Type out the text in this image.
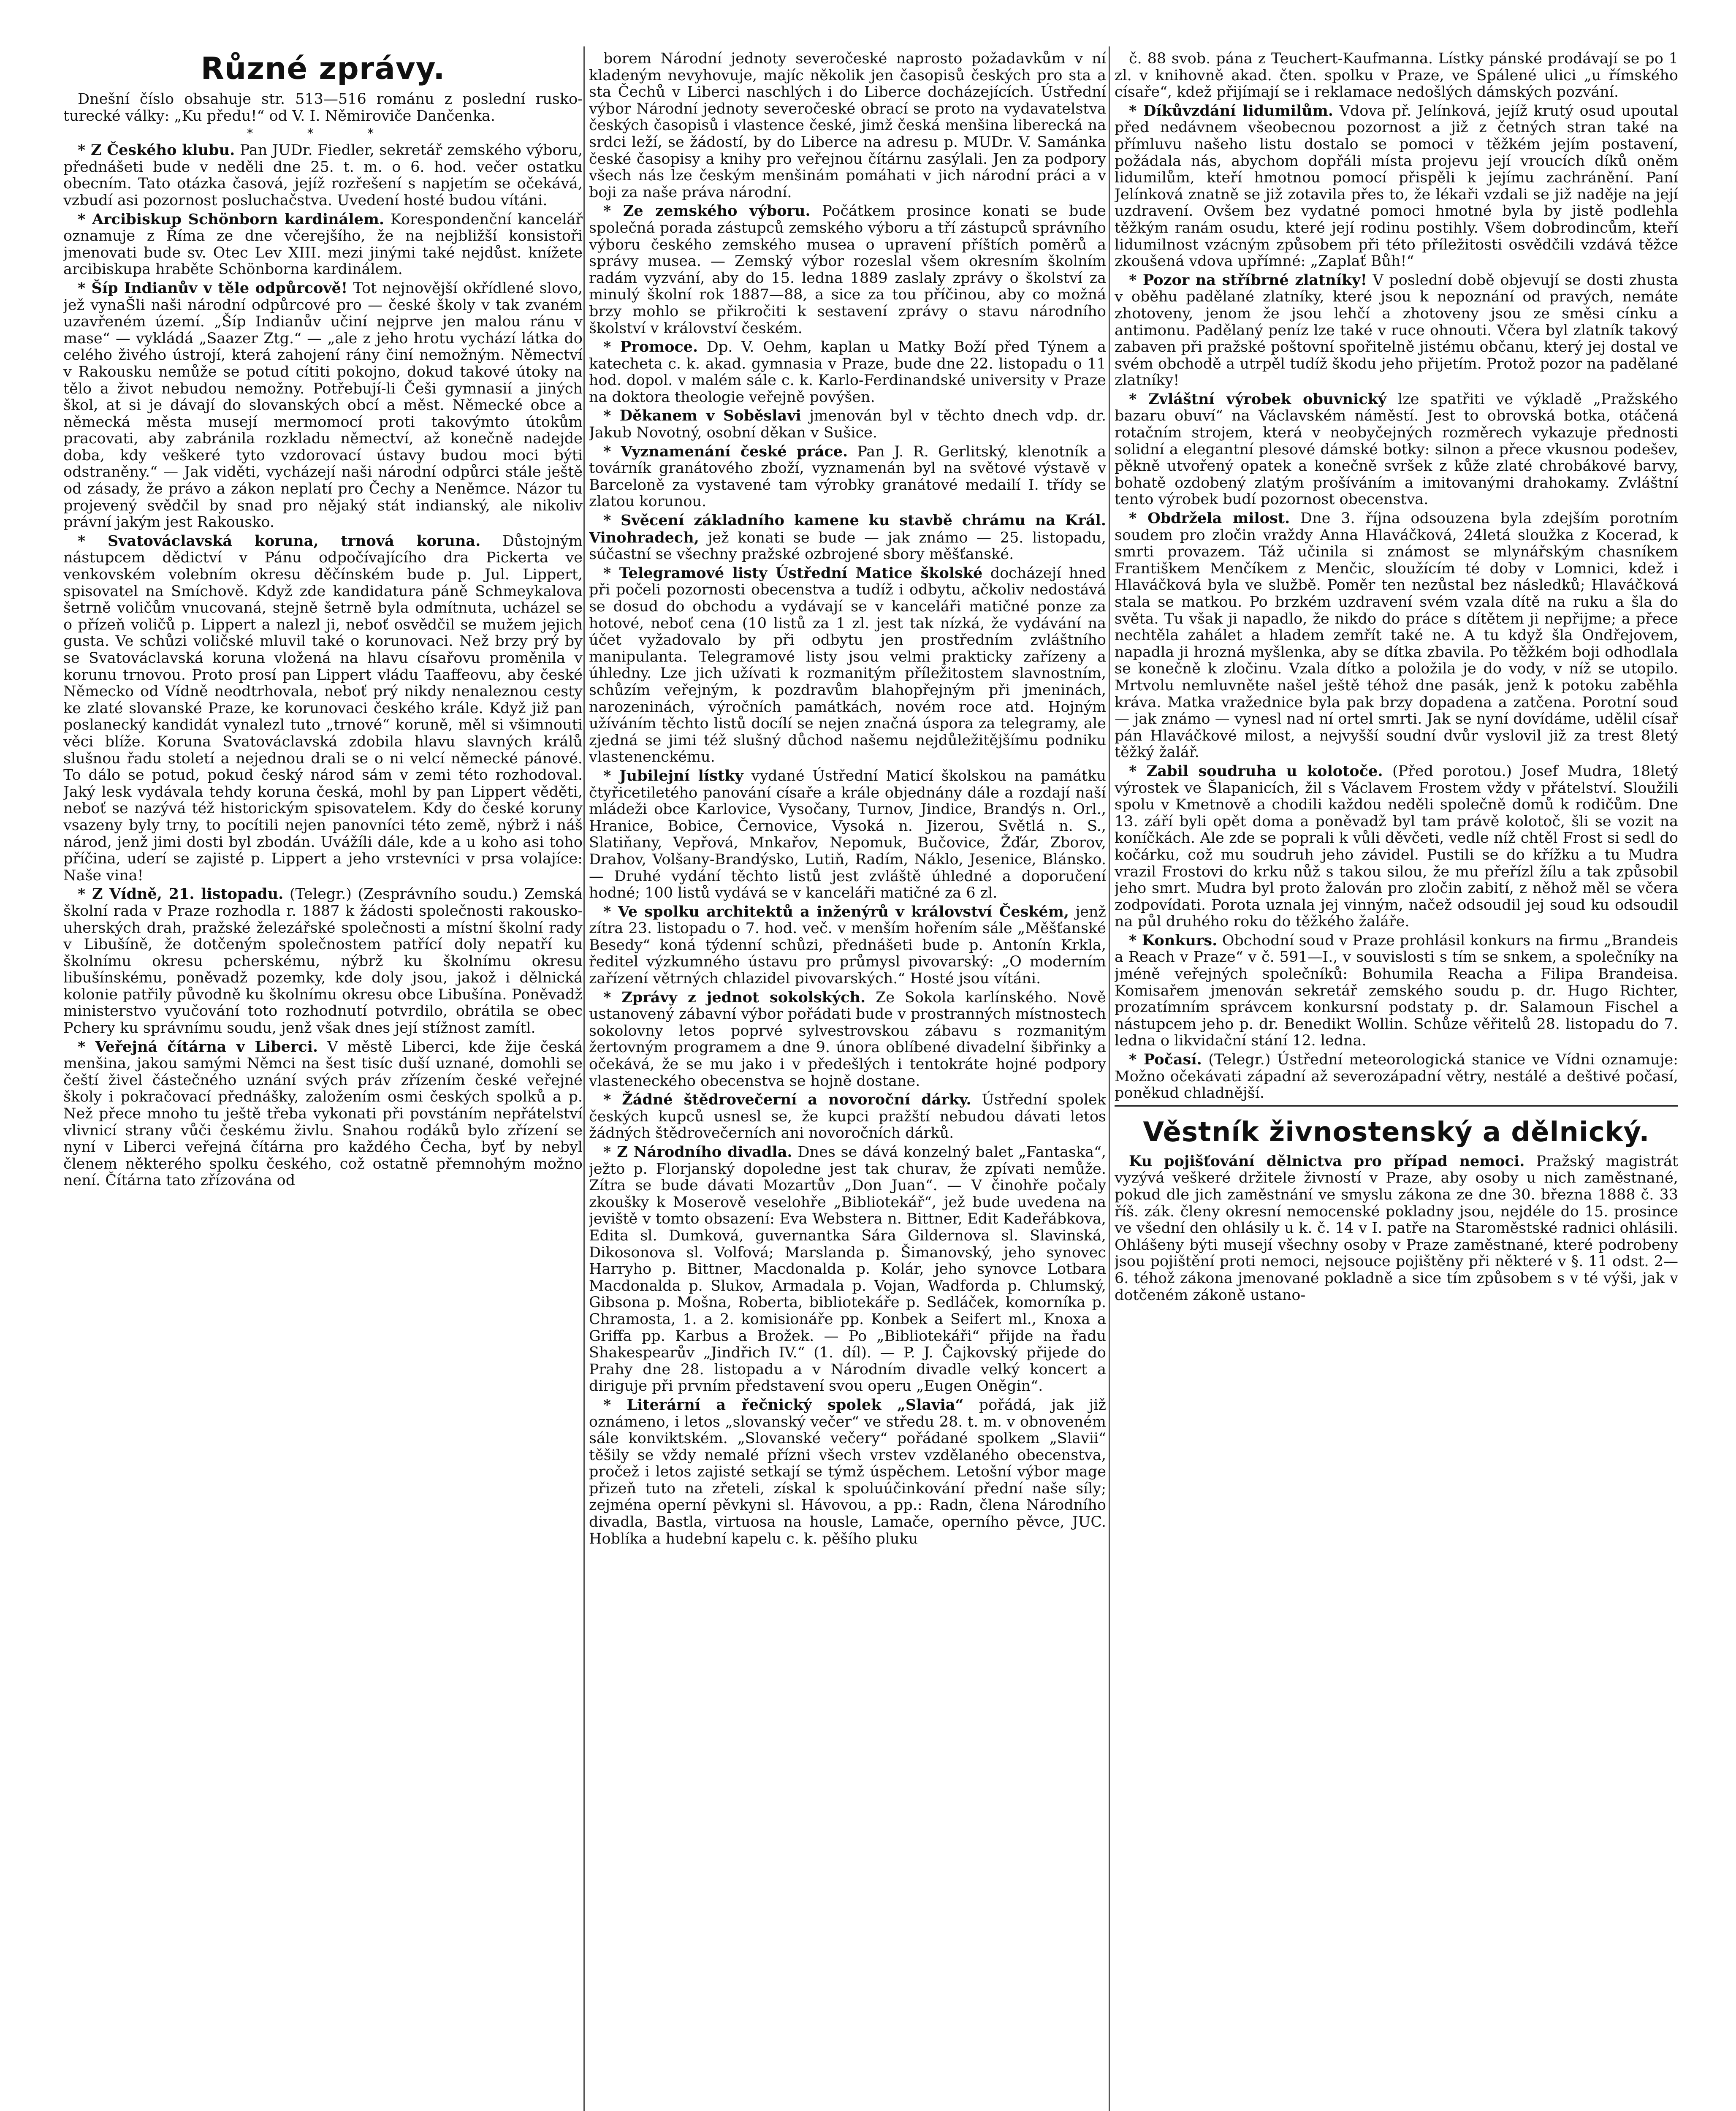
Různé zprávy.

Dnešní číslo obsahuje str. 513—516 románu z poslední rusko-turecké války: „Ku předu!“ od V. I. Němiroviče Dančenka.

* * *

* Z Českého klubu. Pan JUDr. Fiedler, sekretář zemského výboru, přednášeti bude v neděli dne 25. t. m. o 6. hod. večer ostatku obecním. Tato otázka časová, jejíž rozřešení s napjetím se očekává, vzbudí asi pozornost posluchačstva. Uvedení hosté budou vítáni.

* Arcibiskup Schönborn kardinálem. Korespondenční kancelář oznamuje z Říma ze dne včerejšího, že na nejbližší konsistoři jmenovati bude sv. Otec Lev XIII. mezi jinými také nejdůst. knížete arcibiskupa hraběte Schönborna kardinálem.

* Šíp Indianův v těle odpůrcově! Tot nejnovější okřídlené slovo, jež vynaŠli naši národní odpůrcové pro — české školy v tak zvaném uzavřeném území. „Šíp Indianův učiní nejprve jen malou ránu v mase“ — vykládá „Saazer Ztg.“ — „ale z jeho hrotu vychází látka do celého živého ústrojí, která zahojení rány činí nemožným. Němectví v Rakousku nemůže se potud cítiti pokojno, dokud takové útoky na tělo a život nebudou nemožny. Potřebují-li Češi gymnasií a jiných škol, at si je dávají do slovanských obcí a měst. Německé obce a německá města musejí mermomocí proti takovýmto útokům pracovati, aby zabránila rozkladu němectví, až konečně nadejde doba, kdy veškeré tyto vzdorovací ústavy budou moci býti odstraněny.“ — Jak viděti, vycházejí naši národní odpůrci stále ještě od zásady, že právo a zákon neplatí pro Čechy a Neněmce. Názor tu projevený svědčil by snad pro nějaký stát indianský, ale nikoliv právní jakým jest Rakousko.

* Svatováclavská koruna, trnová koruna. Důstojným nástupcem dědictví v Pánu odpočívajícího dra Pickerta ve venkovském volebním okresu děčínském bude p. Jul. Lippert, spisovatel na Smíchově. Když zde kandidatura páně Schmeykalova šetrně voličům vnucovaná, stejně šetrně byla odmítnuta, ucházel se o přízeň voličů p. Lippert a nalezl ji, neboť osvědčil se mužem jejich gusta. Ve schůzi voličské mluvil také o korunovaci. Než brzy prý by se Svatováclavská koruna vložená na hlavu císařovu proměnila v korunu trnovou. Proto prosí pan Lippert vládu Taaffeovu, aby české Německo od Vídně neodtrhovala, neboť prý nikdy nenaleznou cesty ke zlaté slovanské Praze, ke korunovaci českého krále. Když již pan poslanecký kandidát vynalezl tuto „trnové“ koruně, měl si všimnouti věci blíže. Koruna Svatováclavská zdobila hlavu slavných králů slušnou řadu století a nejednou drali se o ni velcí německé pánové. To dálo se potud, pokud český národ sám v zemi této rozhodoval. Jaký lesk vydávala tehdy koruna česká, mohl by pan Lippert věděti, neboť se nazývá též historickým spisovatelem. Kdy do české koruny vsazeny byly trny, to pocítili nejen panovníci této země, nýbrž i náš národ, jenž jimi dosti byl zbodán. Uvážíli dále, kde a u koho asi toho příčina, uderí se zajisté p. Lippert a jeho vrstevníci v prsa volajíce: Naše vina!

* Z Vídně, 21. listopadu. (Telegr.) (Zesprávního soudu.) Zemská školní rada v Praze rozhodla r. 1887 k žádosti společnosti rakousko-uherských drah, pražské železářské společnosti a místní školní rady v Libušíně, že dotčeným společnostem patřící doly nepatří ku školnímu okresu pcherskému, nýbrž ku školnímu okresu libušínskému, poněvadž pozemky, kde doly jsou, jakož i dělnická kolonie patřily původně ku školnímu okresu obce Libušína. Poněvadž ministerstvo vyučování toto rozhodnutí potvrdilo, obrátila se obec Pchery ku správnímu soudu, jenž však dnes její stížnost zamítl.

* Veřejná čítárna v Liberci. V městě Liberci, kde žije česká menšina, jakou samými Němci na šest tisíc duší uznané, domohli se čeští živel částečného uznání svých práv zřízením české veřejné školy i pokračovací přednášky, založením osmi českých spolků a p. Než přece mnoho tu ještě třeba vykonati při povstáním nepřátelství vlivnicí strany vůči českému živlu. Snahou rodáků bylo zřízení se nyní v Liberci veřejná čítárna pro každého Čecha, byť by nebyl členem některého spolku českého, což ostatně přemnohým možno není. Čítárna tato zřízována od

borem Národní jednoty severočeské naprosto požadavkům v ní kladeným nevyhovuje, majíc několik jen časopisů českých pro sta a sta Čechů v Liberci naschlých i do Liberce docházejících. Ústřední výbor Národní jednoty severočeské obrací se proto na vydavatelstva českých časopisů i vlastence české, jimž česká menšina liberecká na srdci leží, se žádostí, by do Liberce na adresu p. MUDr. V. Samánka české časopisy a knihy pro veřejnou čítárnu zasýlali. Jen za podpory všech nás lze českým menšinám pomáhati v jich národní práci a v boji za naše práva národní.

* Ze zemského výboru. Počátkem prosince konati se bude společná porada zástupců zemského výboru a tří zástupců správního výboru českého zemského musea o upravení příštích poměrů a správy musea. — Zemský výbor rozeslal všem okresním školním radám vyzvání, aby do 15. ledna 1889 zaslaly zprávy o školství za minulý školní rok 1887—88, a sice za tou příčinou, aby co možná brzy mohlo se přikročiti k sestavení zprávy o stavu národního školství v království českém.

* Promoce. Dp. V. Oehm, kaplan u Matky Boží před Týnem a katecheta c. k. akad. gymnasia v Praze, bude dne 22. listopadu o 11 hod. dopol. v malém sále c. k. Karlo-Ferdinandské university v Praze na doktora theologie veřejně povýšen.

* Děkanem v Soběslavi jmenován byl v těchto dnech vdp. dr. Jakub Novotný, osobní děkan v Sušice.

* Vyznamenání české práce. Pan J. R. Gerlitský, klenotník a továrník granátového zboží, vyznamenán byl na světové výstavě v Barceloně za vystavené tam výrobky granátové medailí I. třídy se zlatou korunou.

* Svěcení základního kamene ku stavbě chrámu na Král. Vinohradech, jež konati se bude — jak známo — 25. listopadu, súčastní se všechny pražské ozbrojené sbory měšťanské.

* Telegramové listy Ústřední Matice školské docházejí hned při počeli pozornosti obecenstva a tudíž i odbytu, ačkoliv nedostává se dosud do obchodu a vydávají se v kanceláři matičné ponze za hotové, neboť cena (10 listů za 1 zl. jest tak nízká, že vydávání na účet vyžadovalo by při odbytu jen prostředním zvláštního manipulanta. Telegramové listy jsou velmi prakticky zařízeny a úhledny. Lze jich užívati k rozmanitým příležitostem slavnostním, schůzím veřejným, k pozdravům blahopřejným při jmeninách, narozeninách, výročních památkách, novém roce atd. Hojným užíváním těchto listů docílí se nejen značná úspora za telegramy, ale zjedná se jimi též slušný důchod našemu nejdůležitějšímu podniku vlastenenckému.

* Jubilejní lístky vydané Ústřední Maticí školskou na památku čtyřicetiletého panování císaře a krále objednány dále a rozdají naší mládeži obce Karlovice, Vysočany, Turnov, Jindice, Brandýs n. Orl., Hranice, Bobice, Černovice, Vysoká n. Jizerou, Světlá n. S., Slatiňany, Vepřová, Mnkařov, Nepomuk, Bučovice, Žďár, Zborov, Drahov, Volšany-Brandýsko, Lutiň, Radím, Náklo, Jesenice, Blánsko. — Druhé vydání těchto listů jest zvláště úhledné a doporučení hodné; 100 listů vydává se v kanceláři matičné za 6 zl.

* Ve spolku architektů a inženýrů v království Českém, jenž zítra 23. listopadu o 7. hod. več. v menším hořením sále „Měšťanské Besedy“ koná týdenní schůzi, přednášeti bude p. Antonín Krkla, ředitel výzkumného ústavu pro průmysl pivovarský: „O moderním zařízení větrných chlazidel pivovarských.“ Hosté jsou vítáni.

* Zprávy z jednot sokolských. Ze Sokola karlínského. Nově ustanovený zábavní výbor pořádati bude v prostranných místnostech sokolovny letos poprvé sylvestrovskou zábavu s rozmanitým žertovným programem a dne 9. února oblíbené divadelní šibřinky a očekává, že se mu jako i v předešlých i tentokráte hojné podpory vlasteneckého obecenstva se hojně dostane.

* Žádné štědrovečerní a novoroční dárky. Ústřední spolek českých kupců usnesl se, že kupci pražští nebudou dávati letos žádných štědrovečerních ani novoročních dárků.

* Z Národního divadla. Dnes se dává konzelný balet „Fantaska“, ježto p. Florjanský dopoledne jest tak churav, že zpívati nemůže. Zítra se bude dávati Mozartův „Don Juan“. — V činohře počaly zkoušky k Moserově veselohře „Bibliotekář“, jež bude uvedena na jeviště v tomto obsazení: Eva Webstera n. Bittner, Edit Kadeřábkova, Edita sl. Dumková, guvernantka Sára Gildernova sl. Slavinská, Dikosonova sl. Volfová; Marslanda p. Šimanovský, jeho synovec Harryho p. Bittner, Macdonalda p. Kolár, jeho synovce Lotbara Macdonalda p. Slukov, Armadala p. Vojan, Wadforda p. Chlumský, Gibsona p. Mošna, Roberta, bibliotekáře p. Sedláček, komorníka p. Chramosta, 1. a 2. komisionáře pp. Konbek a Seifert ml., Knoxa a Griffa pp. Karbus a Brožek. — Po „Bibliotekáři“ přijde na řadu Shakespearův „Jindřich IV.“ (1. díl). — P. J. Čajkovský přijede do Prahy dne 28. listopadu a v Národním divadle velký koncert a diriguje při prvním představení svou operu „Eugen Oněgin“.

* Literární a řečnický spolek „Slavia“ pořádá, jak již oznámeno, i letos „slovanský večer“ ve středu 28. t. m. v obnoveném sále konviktském. „Slovanské večery“ pořádané spolkem „Slavii“ těšily se vždy nemalé přízni všech vrstev vzdělaného obecenstva, pročež i letos zajisté setkají se týmž úspěchem. Letošní výbor mage přizeň tuto na zřeteli, získal k spoluúčinkování přední naše síly; zejména operní pěvkyni sl. Hávovou, a pp.: Radn, člena Národního divadla, Bastla, virtuosa na housle, Lamače, operního pěvce, JUC. Hoblíka a hudební kapelu c. k. pěšího pluku

č. 88 svob. pána z Teuchert-Kaufmanna. Lístky pánské prodávají se po 1 zl. v knihovně akad. čten. spolku v Praze, ve Spálené ulici „u římského císaře“, kdež přijímají se i reklamace nedošlých dámských pozvání.

* Díkůvzdání lidumilům. Vdova př. Jelínková, jejíž krutý osud upoutal před nedávnem všeobecnou pozornost a již z četných stran také na přímluvu našeho listu dostalo se pomoci v těžkém jejím postavení, požádala nás, abychom dopřáli místa projevu její vroucích díků oněm lidumilům, kteří hmotnou pomocí přispěli k jejímu zachránění. Paní Jelínková znatně se již zotavila přes to, že lékaři vzdali se již naděje na její uzdravení. Ovšem bez vydatné pomoci hmotné byla by jistě podlehla těžkým ranám osudu, které její rodinu postihly. Všem dobrodincům, kteří lidumilnost vzácným způsobem při této příležitosti osvědčili vzdává těžce zkoušená vdova upřímné: „Zaplať Bůh!“

* Pozor na stříbrné zlatníky! V poslední době objevují se dosti zhusta v oběhu padělané zlatníky, které jsou k nepoznání od pravých, nemáte zhotoveny, jenom že jsou lehčí a zhotoveny jsou ze směsi cínku a antimonu. Padělaný peníz lze také v ruce ohnouti. Včera byl zlatník takový zabaven při pražské poštovní spořitelně jistému občanu, který jej dostal ve svém obchodě a utrpěl tudíž škodu jeho přijetím. Protož pozor na padělané zlatníky!

* Zvláštní výrobek obuvnický lze spatřiti ve výkladě „Pražského bazaru obuví“ na Václavském náměstí. Jest to obrovská botka, otáčená rotačním strojem, která v neobyčejných rozměrech vykazuje přednosti solidní a elegantní plesové dámské botky: silnon a přece vkusnou podešev, pěkně utvořený opatek a konečně svršek z kůže zlaté chrobákové barvy, bohatě ozdobený zlatým prošíváním a imitovanými drahokamy. Zvláštní tento výrobek budí pozornost obecenstva.

* Obdržela milost. Dne 3. října odsouzena byla zdejším porotním soudem pro zločin vraždy Anna Hlaváčková, 24letá sloužka z Kocerad, k smrti provazem. Táž učinila si známost se mlynářským chasníkem Františkem Menčíkem z Menčic, sloužícím té doby v Lomnici, kdež i Hlaváčková byla ve službě. Poměr ten nezůstal bez následků; Hlaváčková stala se matkou. Po brzkém uzdravení svém vzala dítě na ruku a šla do světa. Tu však ji napadlo, že nikdo do práce s dítětem ji nepřijme; a přece nechtěla zahálet a hladem zemřít také ne. A tu když šla Ondřejovem, napadla ji hrozná myšlenka, aby se dítka zbavila. Po těžkém boji odhodlala se konečně k zločinu. Vzala dítko a položila je do vody, v níž se utopilo. Mrtvolu nemluvněte našel ještě téhož dne pasák, jenž k potoku zaběhla kráva. Matka vražednice byla pak brzy dopadena a zatčena. Porotní soud — jak známo — vynesl nad ní ortel smrti. Jak se nyní dovídáme, udělil císař pán Hlaváčkové milost, a nejvyšší soudní dvůr vyslovil již za trest 8letý těžký žalář.

* Zabil soudruha u kolotoče. (Před porotou.) Josef Mudra, 18letý výrostek ve Šlapanicích, žil s Václavem Frostem vždy v přátelství. Sloužili spolu v Kmetnově a chodili každou neděli společně domů k rodičům. Dne 13. září byli opět doma a poněvadž byl tam právě kolotoč, šli se vozit na koníčkách. Ale zde se poprali k vůli děvčeti, vedle níž chtěl Frost si sedl do kočárku, což mu soudruh jeho závidel. Pustili se do křížku a tu Mudra vrazil Frostovi do krku nůž s takou silou, že mu přeřízl žílu a tak způsobil jeho smrt. Mudra byl proto žalován pro zločin zabití, z něhož měl se včera zodpovídati. Porota uznala jej vinným, načež odsoudil jej soud ku odsoudil na půl druhého roku do těžkého žaláře.

* Konkurs. Obchodní soud v Praze prohlásil konkurs na firmu „Brandeis a Reach v Praze“ v č. 591—I., v souvislosti s tím se snkem, a společníky na jméně veřejných společníků: Bohumila Reacha a Filipa Brandeisa. Komisařem jmenován sekretář zemského soudu p. dr. Hugo Richter, prozatímním správcem konkursní podstaty p. dr. Salamoun Fischel a nástupcem jeho p. dr. Benedikt Wollin. Schůze věřitelů 28. listopadu do 7. ledna o likvidační stání 12. ledna.

* Počasí. (Telegr.) Ústřední meteorologická stanice ve Vídni oznamuje: Možno očekávati západní až severozápadní větry, nestálé a deštivé počasí, poněkud chladnější.

Věstník živnostenský a dělnický.

Ku pojišťování dělnictva pro případ nemoci. Pražský magistrát vyzývá veškeré držitele živností v Praze, aby osoby u nich zaměstnané, pokud dle jich zaměstnání ve smyslu zákona ze dne 30. března 1888 č. 33 říš. zák. členy okresní nemocenské pokladny jsou, nejdéle do 15. prosince ve všední den ohlásily u k. č. 14 v I. patře na Staroměstské radnici ohlásili. Ohlášeny býti musejí všechny osoby v Praze zaměstnané, které podrobeny jsou pojištění proti nemoci, nejsouce pojištěny při některé v §. 11 odst. 2—6. téhož zákona jmenované pokladně a sice tím způsobem s v té výši, jak v dotčeném zákoně ustano-
